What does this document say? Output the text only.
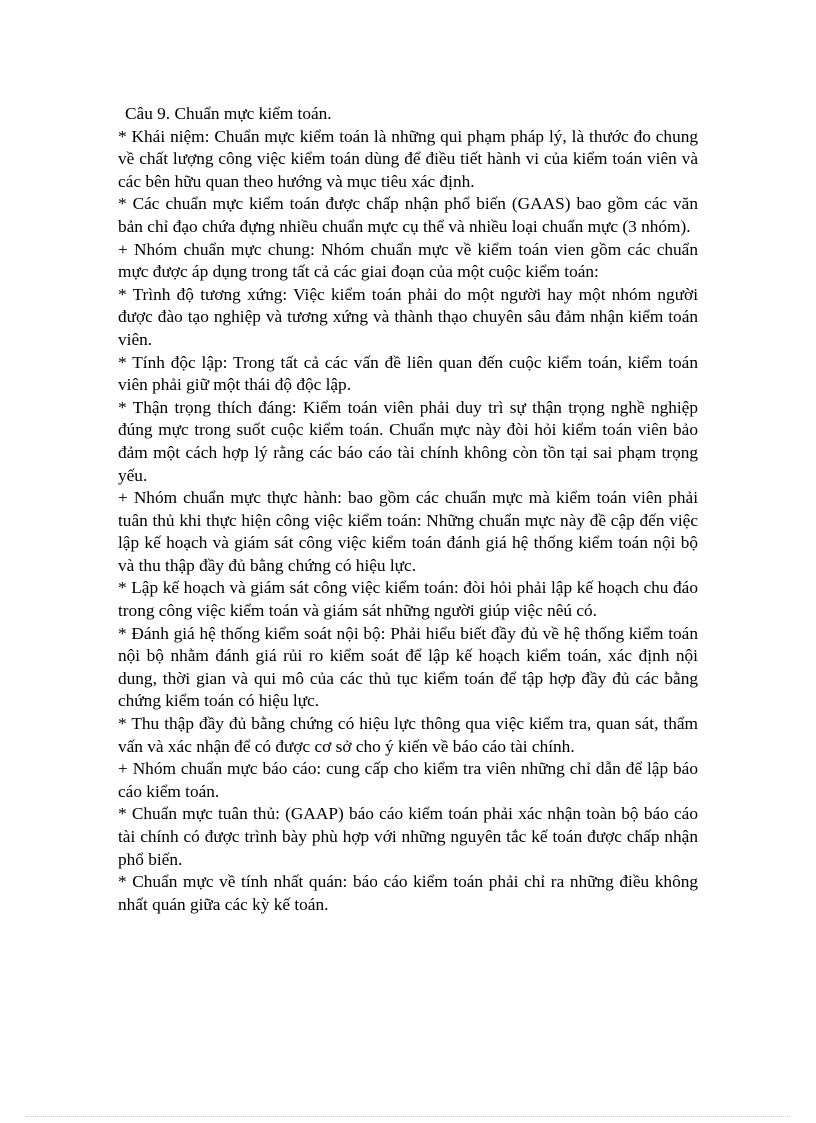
Câu 9. Chuẩn mực kiểm toán.

* Khái niệm: Chuẩn mực kiểm toán là những qui phạm pháp lý, là thước đo chung về chất lượng công việc kiểm toán dùng để điều tiết hành vi của kiểm toán viên và các bên hữu quan theo hướng và mục tiêu xác định.

* Các chuẩn mực kiểm toán được chấp nhận phổ biến (GAAS) bao gồm các văn bản chỉ đạo chứa đựng nhiều chuẩn mực cụ thể và nhiều loại chuẩn mực (3 nhóm).

+ Nhóm chuẩn mực chung: Nhóm chuẩn mực về kiểm toán vien gồm các chuẩn mực được áp dụng trong tất cả các giai đoạn của một cuộc kiểm toán:

* Trình độ tương xứng: Việc kiểm toán phải do một người hay một nhóm người được đào tạo nghiệp và tương xứng và thành thạo chuyên sâu đảm nhận kiểm toán viên.

* Tính độc lập: Trong tất cả các vấn đề liên quan đến cuộc kiểm toán, kiểm toán viên phải giữ một thái độ độc lập.

* Thận trọng thích đáng: Kiểm toán viên phải duy trì sự thận trọng nghề nghiệp đúng mực trong suốt cuộc kiểm toán. Chuẩn mực này đòi hỏi kiểm toán viên bảo đảm một cách hợp lý rằng các báo cáo tài chính không còn tồn tại sai phạm trọng yếu.

+ Nhóm chuẩn mực thực hành: bao gồm các chuẩn mực mà kiểm toán viên phải tuân thủ khi thực hiện công việc kiểm toán: Những chuẩn mực này đề cập đến việc lập kế hoạch và giám sát công việc kiểm toán đánh giá hệ thống kiểm toán nội bộ và thu thập đầy đủ bằng chứng có hiệu lực.

* Lập kế hoạch và giám sát công việc kiểm toán: đòi hỏi phải lập kế hoạch chu đáo trong công việc kiểm toán và giám sát những người giúp việc nêú có.

* Đánh giá hệ thống kiểm soát nội bộ: Phải hiểu biết đầy đủ về hệ thống kiểm toán nội bộ nhằm đánh giá rủi ro kiểm soát để lập kế hoạch kiểm toán, xác định nội dung, thời gian và qui mô của các thủ tục kiểm toán để tập hợp đầy đủ các bằng chứng kiểm toán có hiệu lực.

* Thu thập đầy đủ bằng chứng có hiệu lực thông qua việc kiểm tra, quan sát, thẩm vấn và xác nhận để có được cơ sở cho ý kiến về báo cáo tài chính.

+ Nhóm chuẩn mực báo cáo: cung cấp cho kiểm tra viên những chỉ dẫn để lập báo cáo kiểm toán.

* Chuẩn mực tuân thủ: (GAAP) báo cáo kiểm toán phải xác nhận toàn bộ báo cáo tài chính có được trình bày phù hợp với những nguyên tắc kế toán được chấp nhận phổ biến.

* Chuẩn mực về tính nhất quán: báo cáo kiểm toán phải chỉ ra những điều không nhất quán giữa các kỳ kế toán.
